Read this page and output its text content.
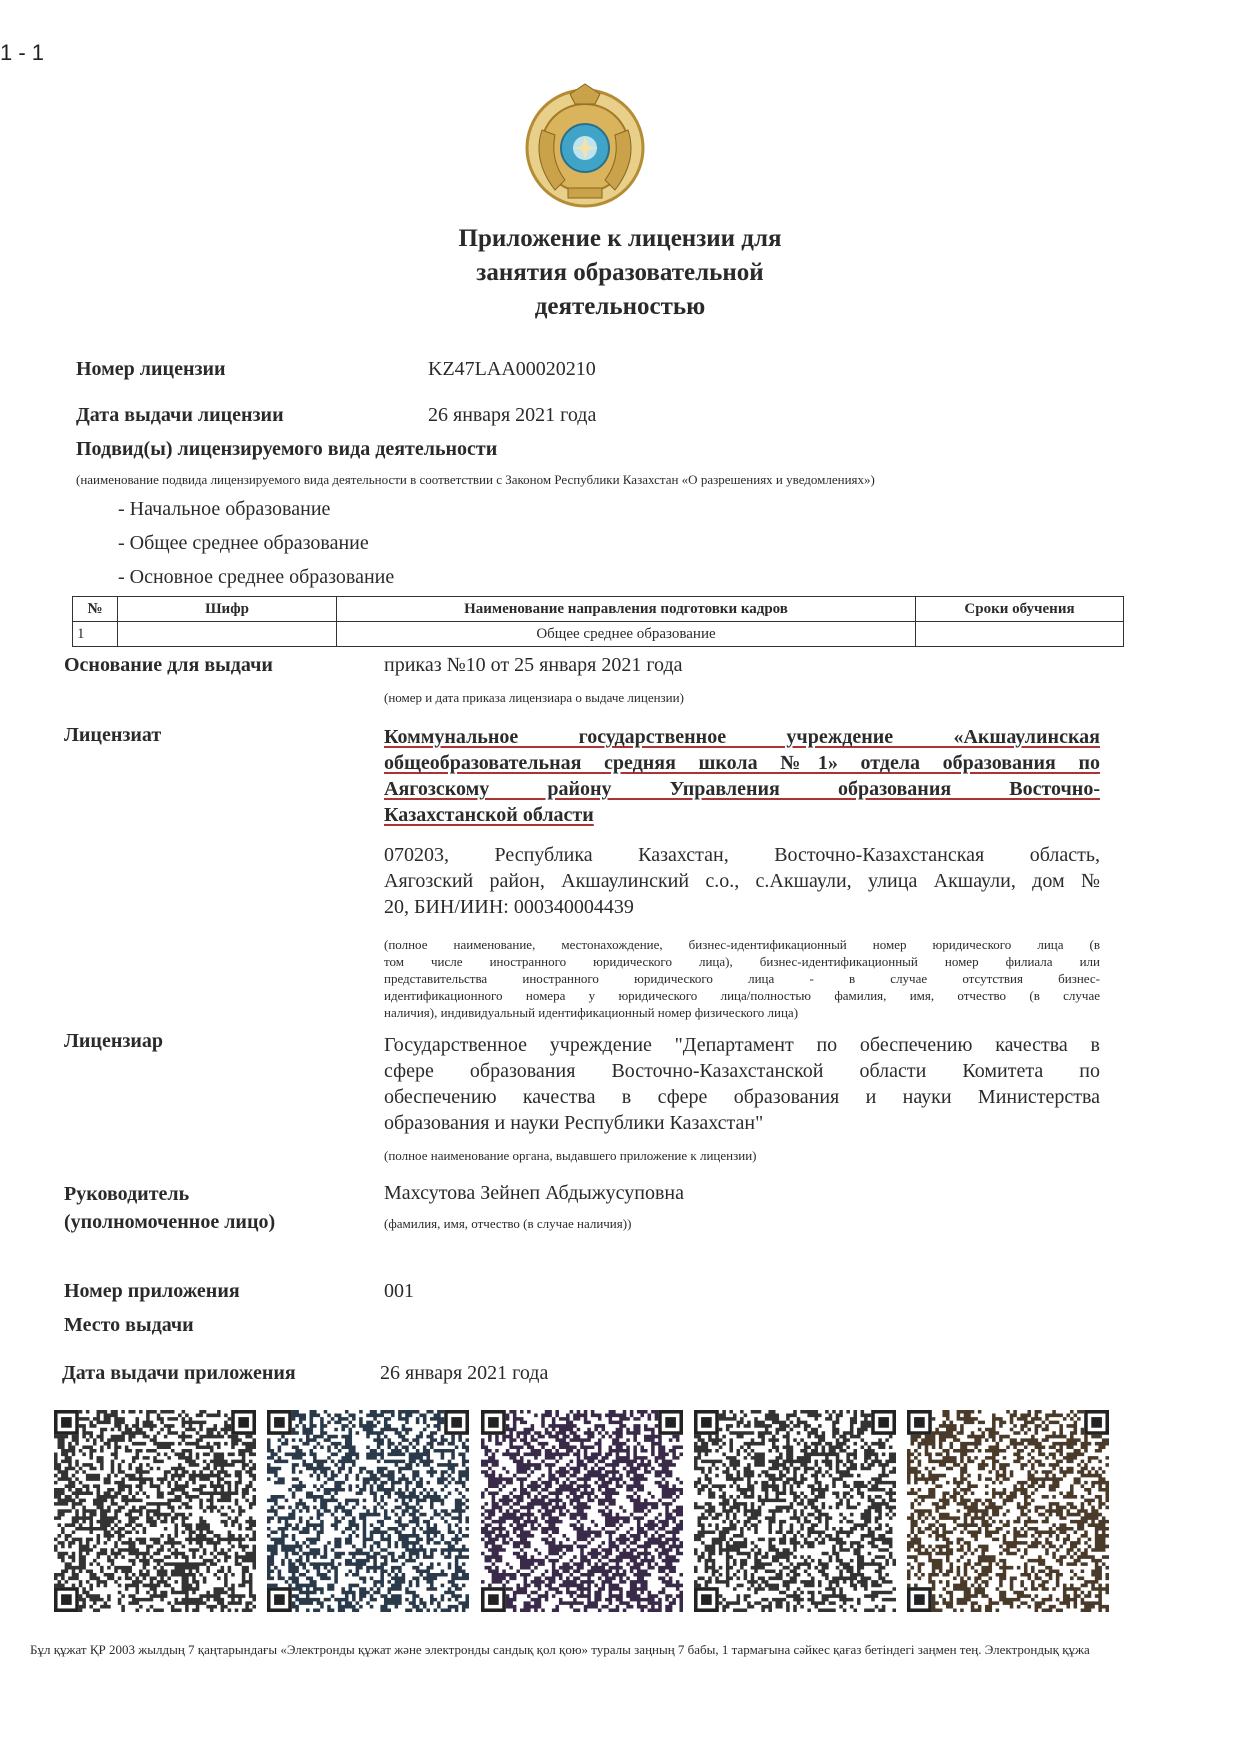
1 - 1
Приложение к лицензии для
занятия образовательной
деятельностью
Номер лицензии	KZ47LAA00020210
Дата выдачи лицензии	26 января 2021 года
Подвид(ы) лицензируемого вида деятельности
(наименование подвида лицензируемого вида деятельности в соответствии с Законом Республики Казахстан «О разрешениях и уведомлениях»)
- Начальное образование
- Общее среднее образование
- Основное среднее образование
№	Шифр	Наименование направления подготовки кадров	Сроки обучения
1		Общее среднее образование	
Основание для выдачи	приказ №10 от 25 января 2021 года
(номер и дата приказа лицензиара о выдаче лицензии)
Лицензиат	Коммунальное государственное учреждение «Акшаулинская
общеобразовательная средняя школа №1» отдела образования по
Аягозскому району Управления образования Восточно-
Казахстанской области
070203, Республика Казахстан, Восточно-Казахстанская область,
Аягозский район, Акшаулинский с.о., с.Акшаули, улица Акшаули, дом №
20, БИН/ИИН: 000340004439
(полное наименование, местонахождение, бизнес-идентификационный номер юридического лица (в
том числе иностранного юридического лица), бизнес-идентификационный номер филиала или
представительства иностранного юридического лица - в случае отсутствия бизнес-
идентификационного номера у юридического лица/полностью фамилия, имя, отчество (в случае
наличия), индивидуальный идентификационный номер физического лица)
Лицензиар	Государственное учреждение "Департамент по обеспечению качества в
сфере образования Восточно-Казахстанской области Комитета по
обеспечению качества в сфере образования и науки Министерства
образования и науки Республики Казахстан"
(полное наименование органа, выдавшего приложение к лицензии)
Руководитель
(уполномоченное лицо)
Махсутова Зейнеп Абдыжусуповна
(фамилия, имя, отчество (в случае наличия))
Номер приложения	001
Место выдачи
Дата выдачи приложения	26 января 2021 года
Бұл құжат ҚР 2003 жылдың 7 қаңтарындағы «Электронды құжат және электронды сандық қол қою» туралы заңның 7 бабы, 1 тармағына сәйкес қағаз бетіндегі заңмен тең. Электрондық құжа
